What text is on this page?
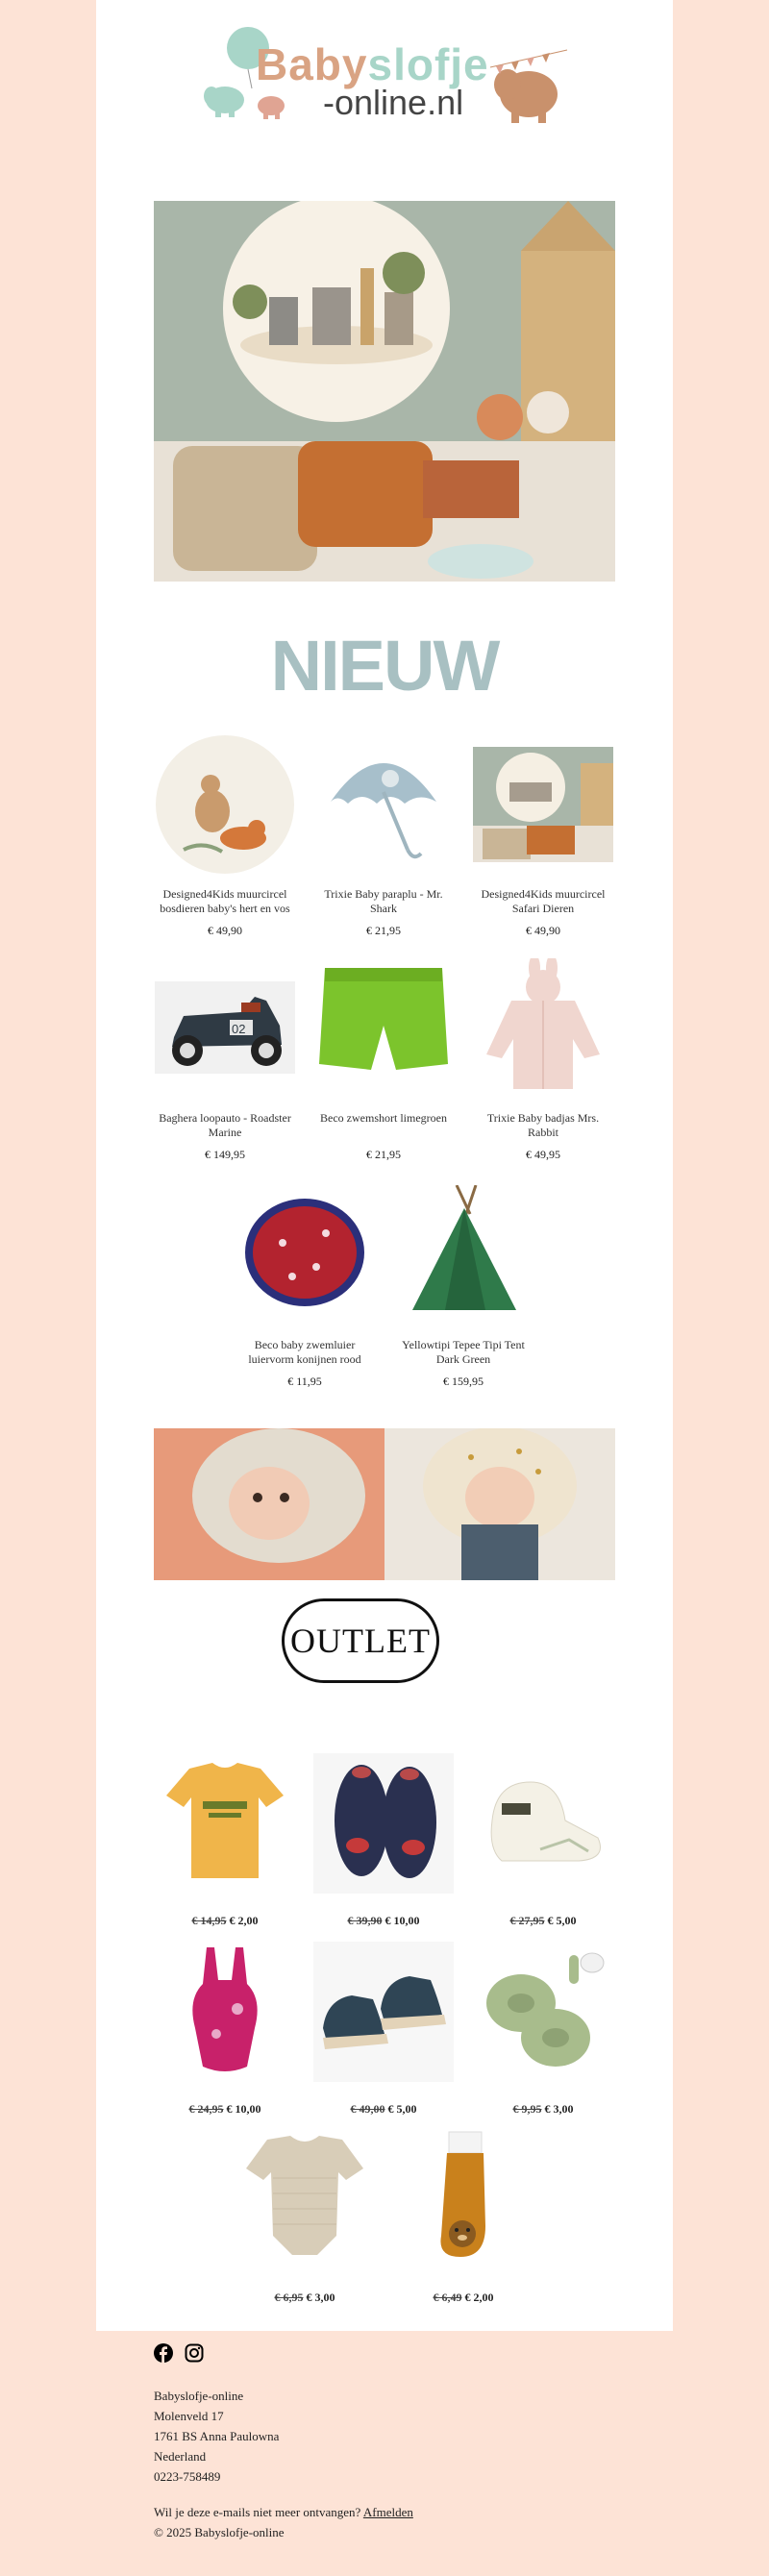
Babyslofje
-online.nl
NIEUW
Designed4Kids muurcircel bosdieren baby's hert en vos
€ 49,90
Trixie Baby paraplu - Mr. Shark
€ 21,95
Designed4Kids muurcircel Safari Dieren
€ 49,90
02
Baghera loopauto - Roadster Marine
€ 149,95
Beco zwemshort limegroen
€ 21,95
Trixie Baby badjas Mrs. Rabbit
€ 49,95
Beco baby zwemluier luiervorm konijnen rood
€ 11,95
Yellowtipi Tepee Tipi Tent Dark Green
€ 159,95
OUTLET
€ 14,95 € 2,00	€ 39,90 € 10,00	€ 27,95 € 5,00
€ 24,95 € 10,00	€ 49,00 € 5,00	€ 9,95 € 3,00
€ 6,95 € 3,00	€ 6,49 € 2,00
Babyslofje-online
Molenveld 17
1761 BS Anna Paulowna
Nederland
0223-758489
Wil je deze e-mails niet meer ontvangen? Afmelden
© 2025 Babyslofje-online
